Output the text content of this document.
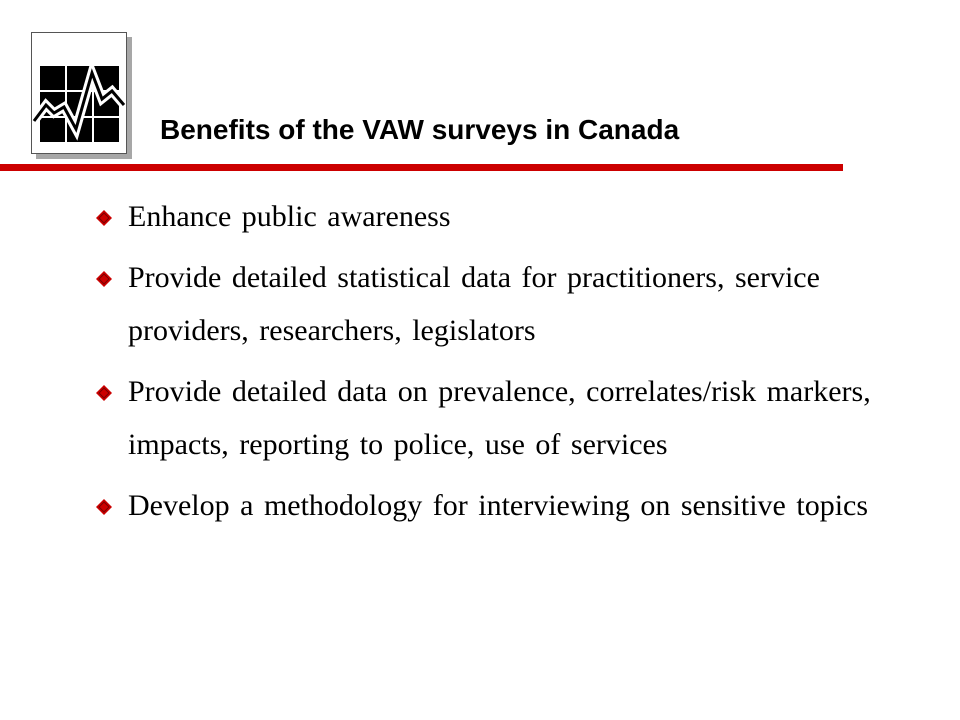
Benefits of the VAW surveys in Canada
Enhance public awareness
Provide detailed statistical data for practitioners, service providers, researchers, legislators
Provide detailed data on prevalence, correlates/risk markers, impacts, reporting to police, use of services
Develop a methodology for interviewing on sensitive topics
